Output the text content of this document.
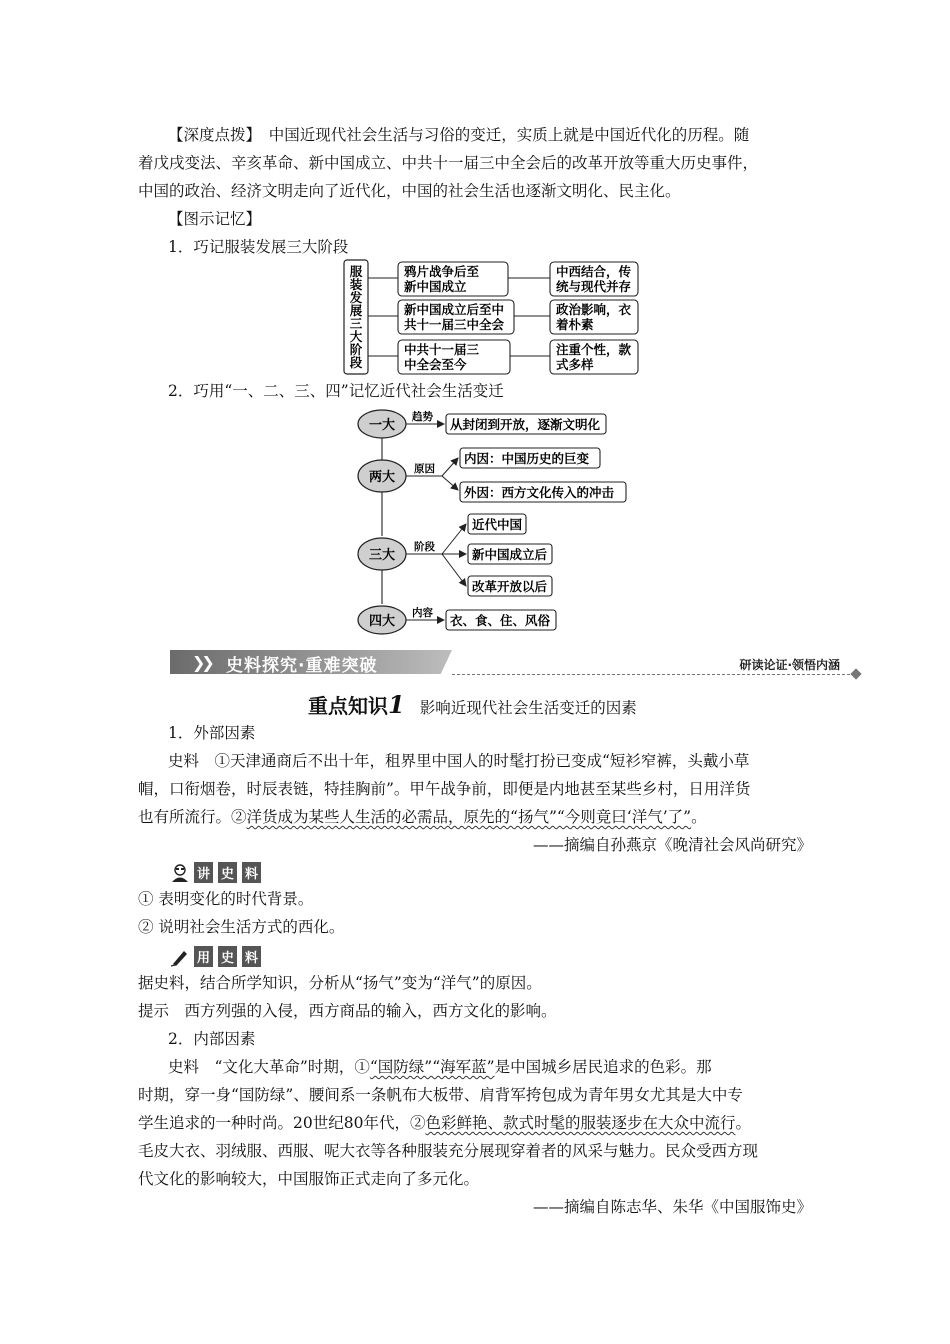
【深度点拨】　中国近现代社会生活与习俗的变迁，实质上就是中国近代化的历程。随
着戊戌变法、辛亥革命、新中国成立、中共十一届三中全会后的改革开放等重大历史事件，
中国的政治、经济文明走向了近代化，中国的社会生活也逐渐文明化、民主化。
【图示记忆】
1．巧记服装发展三大阶段
服
装
发
展
三
大
阶
段
鸦片战争后至
新中国成立
新中国成立后至中
共十一届三中全会
中共十一届三
中全会至今
中西结合，传
统与现代并存
政治影响，衣
着朴素
注重个性，款
式多样
2．巧用“一、二、三、四”记忆近代社会生活变迁
一大
两大
三大
四大
趋势
原因
阶段
内容
从封闭到开放，逐渐文明化
内因：中国历史的巨变
外因：西方文化传入的冲击
近代中国
新中国成立后
改革开放以后
衣、食、住、风俗
❯❯ 史料探究·重难突破	研读论证·领悟内涵
重点知识1 影响近现代社会生活变迁的因素
1．外部因素
史料　①天津通商后不出十年，租界里中国人的时髦打扮已变成“短衫窄裤，头戴小草
帽，口衔烟卷，时辰表链，特挂胸前”。甲午战争前，即便是内地甚至某些乡村，日用洋货
也有所流行。②洋货成为某些人生活的必需品，原先的“扬气”“今则竟曰‘洋气’了”。
——摘编自孙燕京《晚清社会风尚研究》
讲 史 料
① 表明变化的时代背景。
② 说明社会生活方式的西化。
用 史 料
据史料，结合所学知识，分析从“扬气”变为“洋气”的原因。
提示　西方列强的入侵，西方商品的输入，西方文化的影响。
2．内部因素
史料　“文化大革命”时期，①“国防绿”“海军蓝”是中国城乡居民追求的色彩。那
时期，穿一身“国防绿”、腰间系一条帆布大板带、肩背军挎包成为青年男女尤其是大中专
学生追求的一种时尚。20世纪80年代，②色彩鲜艳、款式时髦的服装逐步在大众中流行。
毛皮大衣、羽绒服、西服、呢大衣等各种服装充分展现穿着者的风采与魅力。民众受西方现
代文化的影响较大，中国服饰正式走向了多元化。
——摘编自陈志华、朱华《中国服饰史》
